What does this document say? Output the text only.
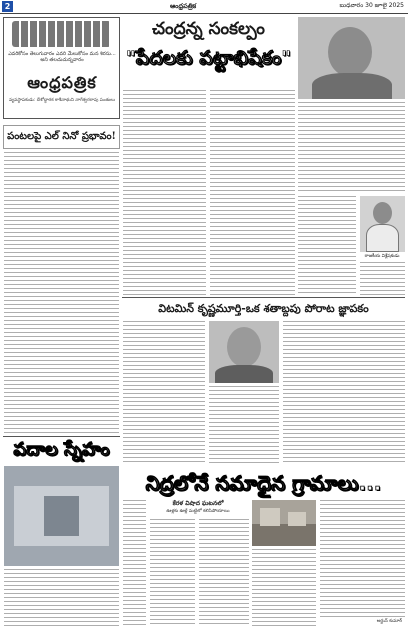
2	ఆంధ్రపత్రిక	బుధవారం 30 జూలై 2025
ఎవరికోసం తెలుగువారం ఎవరి మేలుకోసం మన శిరసు... అని తలచుచున్నవారం
ఆంధ్రపత్రిక
వ్యవస్థాపకుడు: దేశోద్ధారక కాశీనాథుని నాగేశ్వరరావు పంతులు
పంటలపై ఎల్ నినో ప్రభావం!
చంద్రన్న సంకల్పం
"పేదలకు పట్టాభిషేకం"
రాజకీయ విశ్లేషకుడు
విటమిన్ కృష్ణమూర్తి-ఒక శతాబ్దపు పోరాట జ్ఞాపకం
పదాల స్నేహం
నిద్రలోనే సమాధైన గ్రామాలు...
కేరళ విషాద ఘటనలో
ఊళ్లకు ఊళ్లే మట్టిలో కలిసిపోయాయి
అర్జున్ కుమార్
